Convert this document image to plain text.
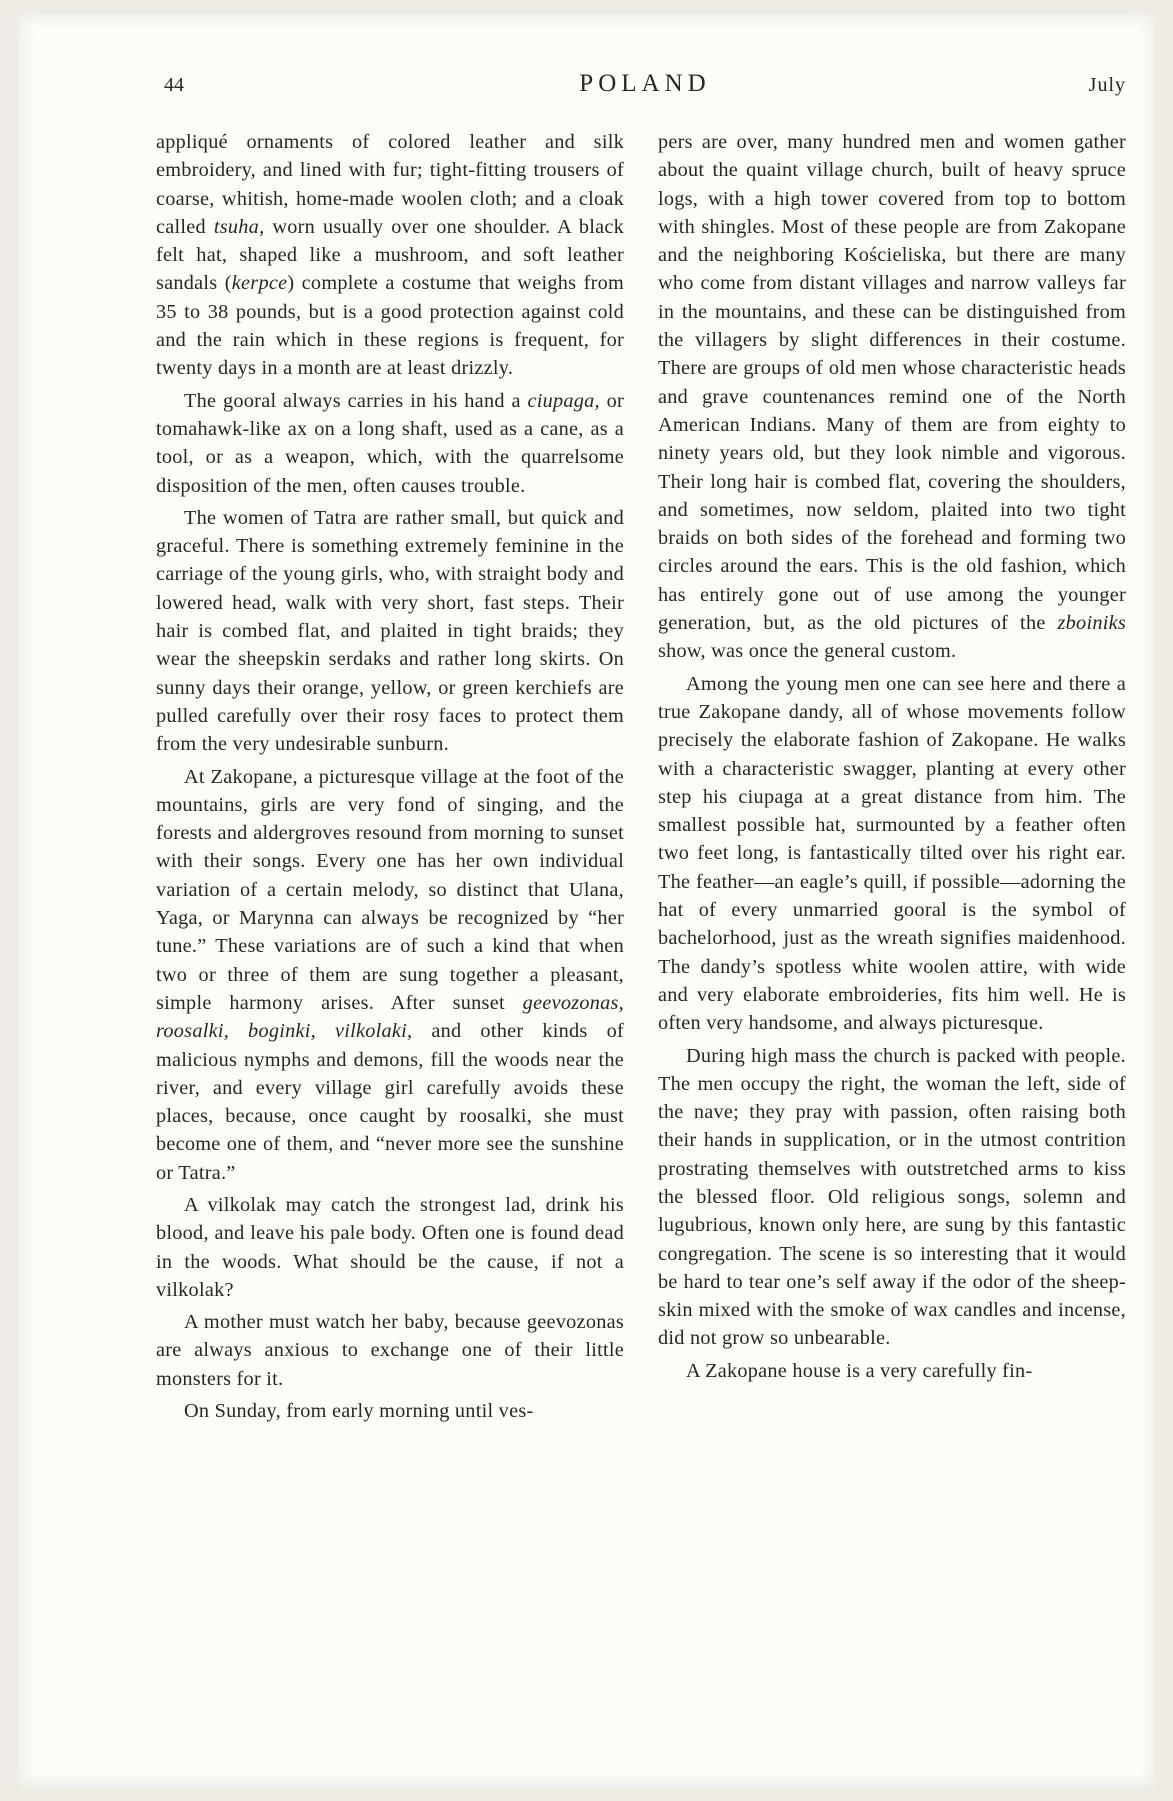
44	POLAND	July

appliqué ornaments of colored leather and silk embroidery, and lined with fur; tight-fitting trousers of coarse, whitish, home-made woolen cloth; and a cloak called tsuha, worn usually over one shoulder. A black felt hat, shaped like a mushroom, and soft leather sandals (kerpce) complete a costume that weighs from 35 to 38 pounds, but is a good protection against cold and the rain which in these regions is frequent, for twenty days in a month are at least drizzly.

The gooral always carries in his hand a ciupaga, or tomahawk-like ax on a long shaft, used as a cane, as a tool, or as a weapon, which, with the quarrelsome disposition of the men, often causes trouble.

The women of Tatra are rather small, but quick and graceful. There is something extremely feminine in the carriage of the young girls, who, with straight body and lowered head, walk with very short, fast steps. Their hair is combed flat, and plaited in tight braids; they wear the sheepskin serdaks and rather long skirts. On sunny days their orange, yellow, or green kerchiefs are pulled carefully over their rosy faces to protect them from the very undesirable sunburn.

At Zakopane, a picturesque village at the foot of the mountains, girls are very fond of singing, and the forests and aldergroves resound from morning to sunset with their songs. Every one has her own individual variation of a certain melody, so distinct that Ulana, Yaga, or Marynna can always be recognized by “her tune.” These variations are of such a kind that when two or three of them are sung together a pleasant, simple harmony arises. After sunset geevozonas, roosalki, boginki, vilkolaki, and other kinds of malicious nymphs and demons, fill the woods near the river, and every village girl carefully avoids these places, because, once caught by roosalki, she must become one of them, and “never more see the sunshine or Tatra.”

A vilkolak may catch the strongest lad, drink his blood, and leave his pale body. Often one is found dead in the woods. What should be the cause, if not a vilkolak?

A mother must watch her baby, because geevozonas are always anxious to exchange one of their little monsters for it.

On Sunday, from early morning until ves-

pers are over, many hundred men and women gather about the quaint village church, built of heavy spruce logs, with a high tower covered from top to bottom with shingles. Most of these people are from Zakopane and the neighboring Kościeliska, but there are many who come from distant villages and narrow valleys far in the mountains, and these can be distinguished from the villagers by slight differences in their costume. There are groups of old men whose characteristic heads and grave countenances remind one of the North American Indians. Many of them are from eighty to ninety years old, but they look nimble and vigorous. Their long hair is combed flat, covering the shoulders, and sometimes, now seldom, plaited into two tight braids on both sides of the forehead and forming two circles around the ears. This is the old fashion, which has entirely gone out of use among the younger generation, but, as the old pictures of the zboiniks show, was once the general custom.

Among the young men one can see here and there a true Zakopane dandy, all of whose movements follow precisely the elaborate fashion of Zakopane. He walks with a characteristic swagger, planting at every other step his ciupaga at a great distance from him. The smallest possible hat, surmounted by a feather often two feet long, is fantastically tilted over his right ear. The feather—an eagle’s quill, if possible—adorning the hat of every unmarried gooral is the symbol of bachelorhood, just as the wreath signifies maidenhood. The dandy’s spotless white woolen attire, with wide and very elaborate embroideries, fits him well. He is often very handsome, and always picturesque.

During high mass the church is packed with people. The men occupy the right, the woman the left, side of the nave; they pray with passion, often raising both their hands in supplication, or in the utmost contrition prostrating themselves with outstretched arms to kiss the blessed floor. Old religious songs, solemn and lugubrious, known only here, are sung by this fantastic congregation. The scene is so interesting that it would be hard to tear one’s self away if the odor of the sheep-skin mixed with the smoke of wax candles and incense, did not grow so unbearable.

A Zakopane house is a very carefully fin-
